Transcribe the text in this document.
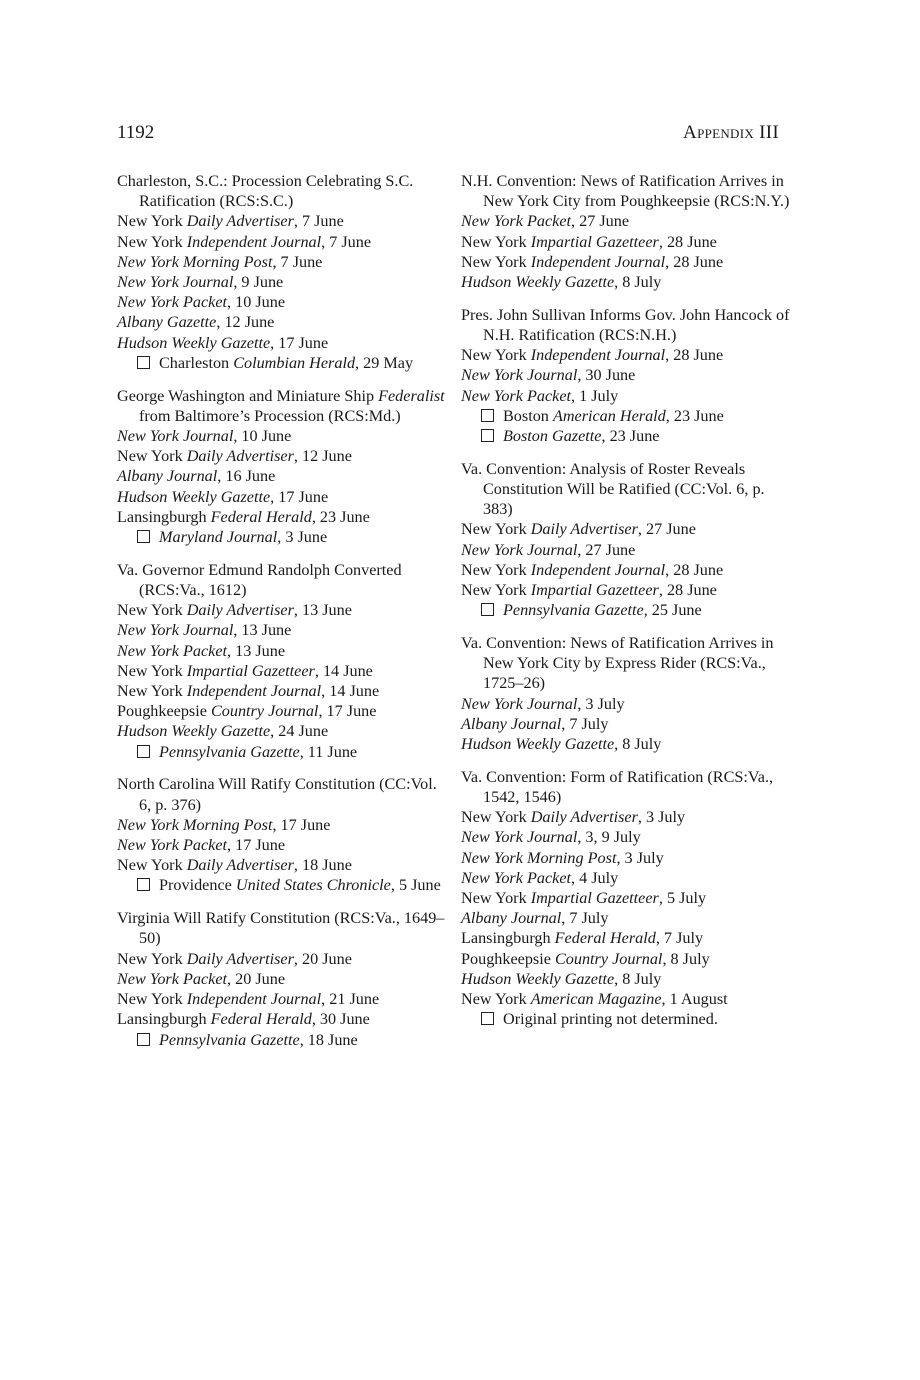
1192	Appendix III
Charleston, S.C.: Procession Celebrating S.C. Ratification (RCS:S.C.)
New York Daily Advertiser, 7 June
New York Independent Journal, 7 June
New York Morning Post, 7 June
New York Journal, 9 June
New York Packet, 10 June
Albany Gazette, 12 June
Hudson Weekly Gazette, 17 June
Charleston Columbian Herald, 29 May
George Washington and Miniature Ship Federalist from Baltimore’s Procession (RCS:Md.)
New York Journal, 10 June
New York Daily Advertiser, 12 June
Albany Journal, 16 June
Hudson Weekly Gazette, 17 June
Lansingburgh Federal Herald, 23 June
Maryland Journal, 3 June
Va. Governor Edmund Randolph Converted (RCS:Va., 1612)
New York Daily Advertiser, 13 June
New York Journal, 13 June
New York Packet, 13 June
New York Impartial Gazetteer, 14 June
New York Independent Journal, 14 June
Poughkeepsie Country Journal, 17 June
Hudson Weekly Gazette, 24 June
Pennsylvania Gazette, 11 June
North Carolina Will Ratify Constitution (CC:Vol. 6, p. 376)
New York Morning Post, 17 June
New York Packet, 17 June
New York Daily Advertiser, 18 June
Providence United States Chronicle, 5 June
Virginia Will Ratify Constitution (RCS:Va., 1649–50)
New York Daily Advertiser, 20 June
New York Packet, 20 June
New York Independent Journal, 21 June
Lansingburgh Federal Herald, 30 June
Pennsylvania Gazette, 18 June
N.H. Convention: News of Ratification Arrives in New York City from Poughkeepsie (RCS:N.Y.)
New York Packet, 27 June
New York Impartial Gazetteer, 28 June
New York Independent Journal, 28 June
Hudson Weekly Gazette, 8 July
Pres. John Sullivan Informs Gov. John Hancock of N.H. Ratification (RCS:N.H.)
New York Independent Journal, 28 June
New York Journal, 30 June
New York Packet, 1 July
Boston American Herald, 23 June
Boston Gazette, 23 June
Va. Convention: Analysis of Roster Reveals Constitution Will be Ratified (CC:Vol. 6, p. 383)
New York Daily Advertiser, 27 June
New York Journal, 27 June
New York Independent Journal, 28 June
New York Impartial Gazetteer, 28 June
Pennsylvania Gazette, 25 June
Va. Convention: News of Ratification Arrives in New York City by Express Rider (RCS:Va., 1725–26)
New York Journal, 3 July
Albany Journal, 7 July
Hudson Weekly Gazette, 8 July
Va. Convention: Form of Ratification (RCS:Va., 1542, 1546)
New York Daily Advertiser, 3 July
New York Journal, 3, 9 July
New York Morning Post, 3 July
New York Packet, 4 July
New York Impartial Gazetteer, 5 July
Albany Journal, 7 July
Lansingburgh Federal Herald, 7 July
Poughkeepsie Country Journal, 8 July
Hudson Weekly Gazette, 8 July
New York American Magazine, 1 August
Original printing not determined.
